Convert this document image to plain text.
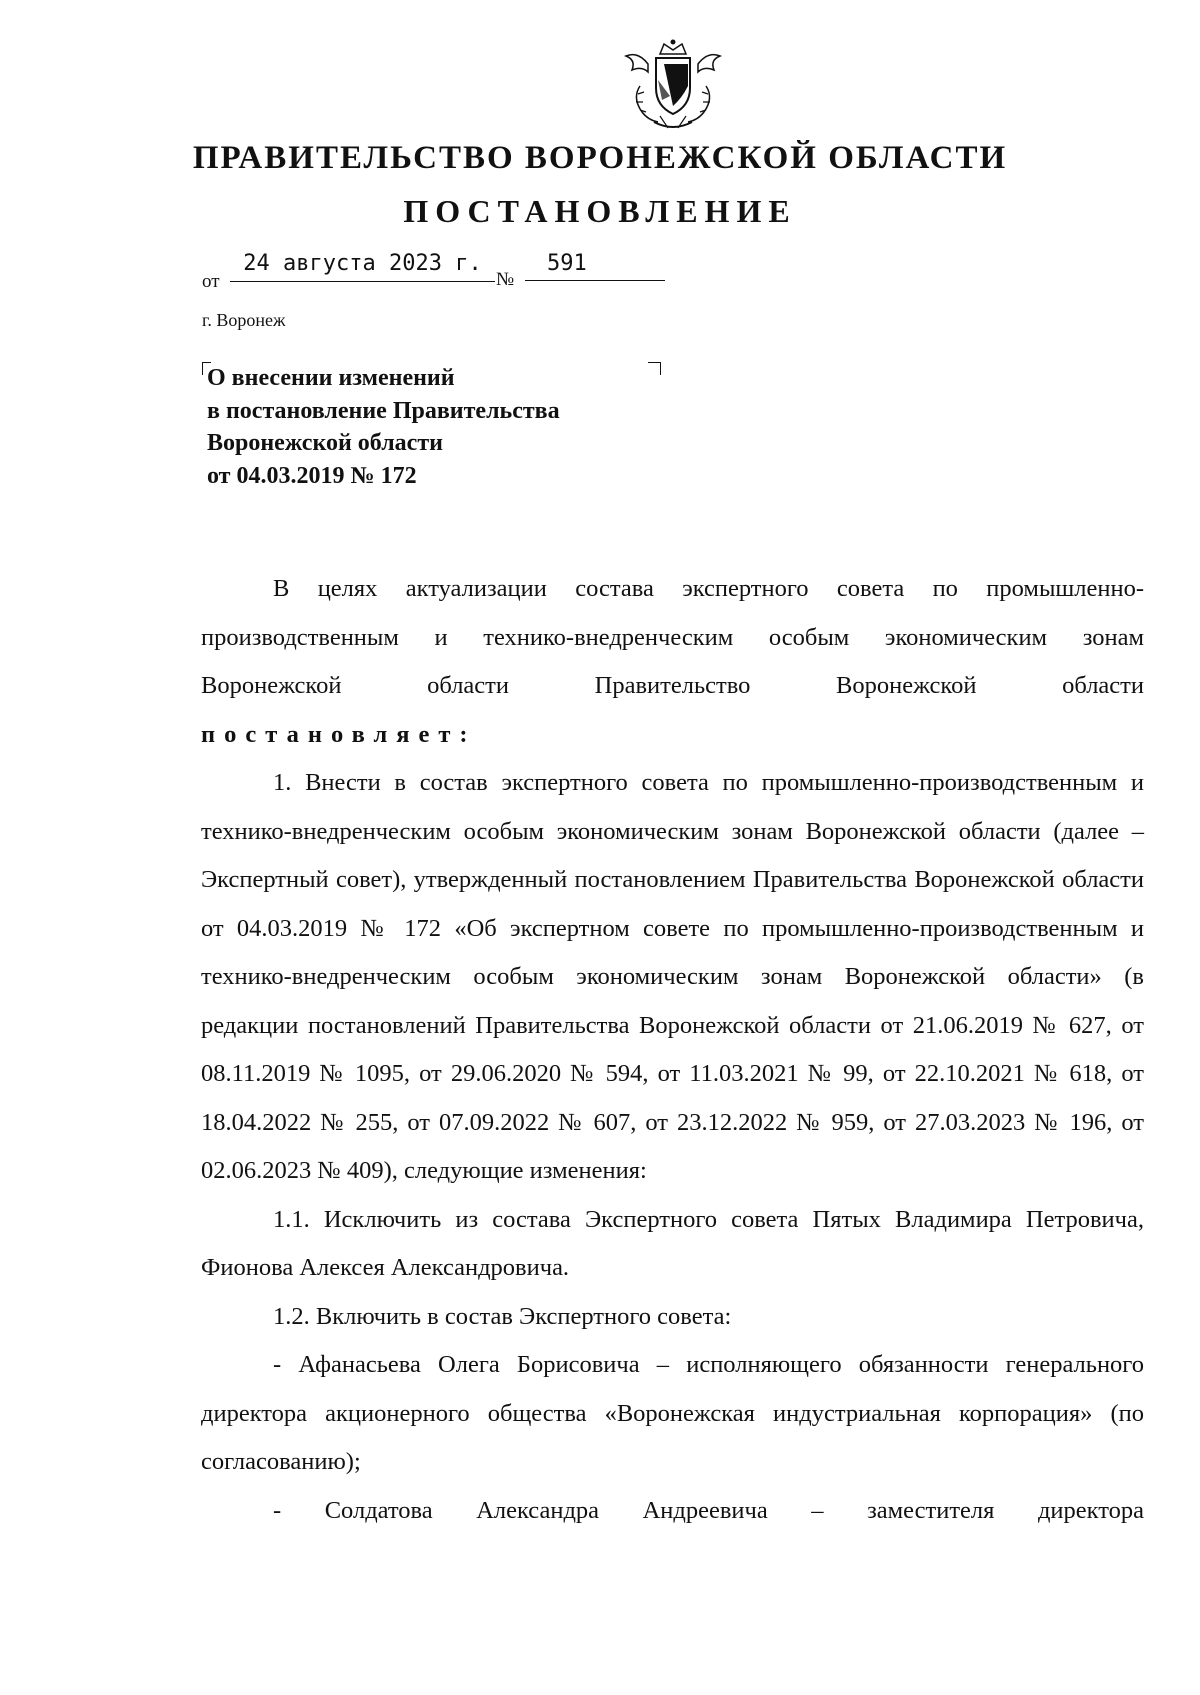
ПРАВИТЕЛЬСТВО ВОРОНЕЖСКОЙ ОБЛАСТИ
ПОСТАНОВЛЕНИЕ
от
24 августа 2023 г.
№
591
г. Воронеж
О внесении изменений
в постановление Правительства
Воронежской области
от 04.03.2019 № 172

В целях актуализации состава экспертного совета по промышленно-

производственным и технико-внедренческим особым экономическим зонам

Воронежской области Правительство Воронежской области

постановляет:

1. Внести в состав экспертного совета по промышленно-производственным и технико-внедренческим особым экономическим зонам Воронежской области (далее – Экспертный совет), утвержденный постановлением Правительства Воронежской области от 04.03.2019 № 172 «Об экспертном совете по промышленно-производственным и технико-внедренческим особым экономическим зонам Воронежской области» (в редакции постановлений Правительства Воронежской области от 21.06.2019 № 627, от 08.11.2019 № 1095, от 29.06.2020 № 594, от 11.03.2021 № 99, от 22.10.2021 № 618, от 18.04.2022 № 255, от 07.09.2022 № 607, от 23.12.2022 № 959, от 27.03.2023 № 196, от 02.06.2023 № 409), следующие изменения:

1.1. Исключить из состава Экспертного совета Пятых Владимира Петровича, Фионова Алексея Александровича.

1.2. Включить в состав Экспертного совета:

- Афанасьева Олега Борисовича – исполняющего обязанности генерального директора акционерного общества «Воронежская индустриальная корпорация» (по согласованию);

- Солдатова Александра Андреевича – заместителя директора
